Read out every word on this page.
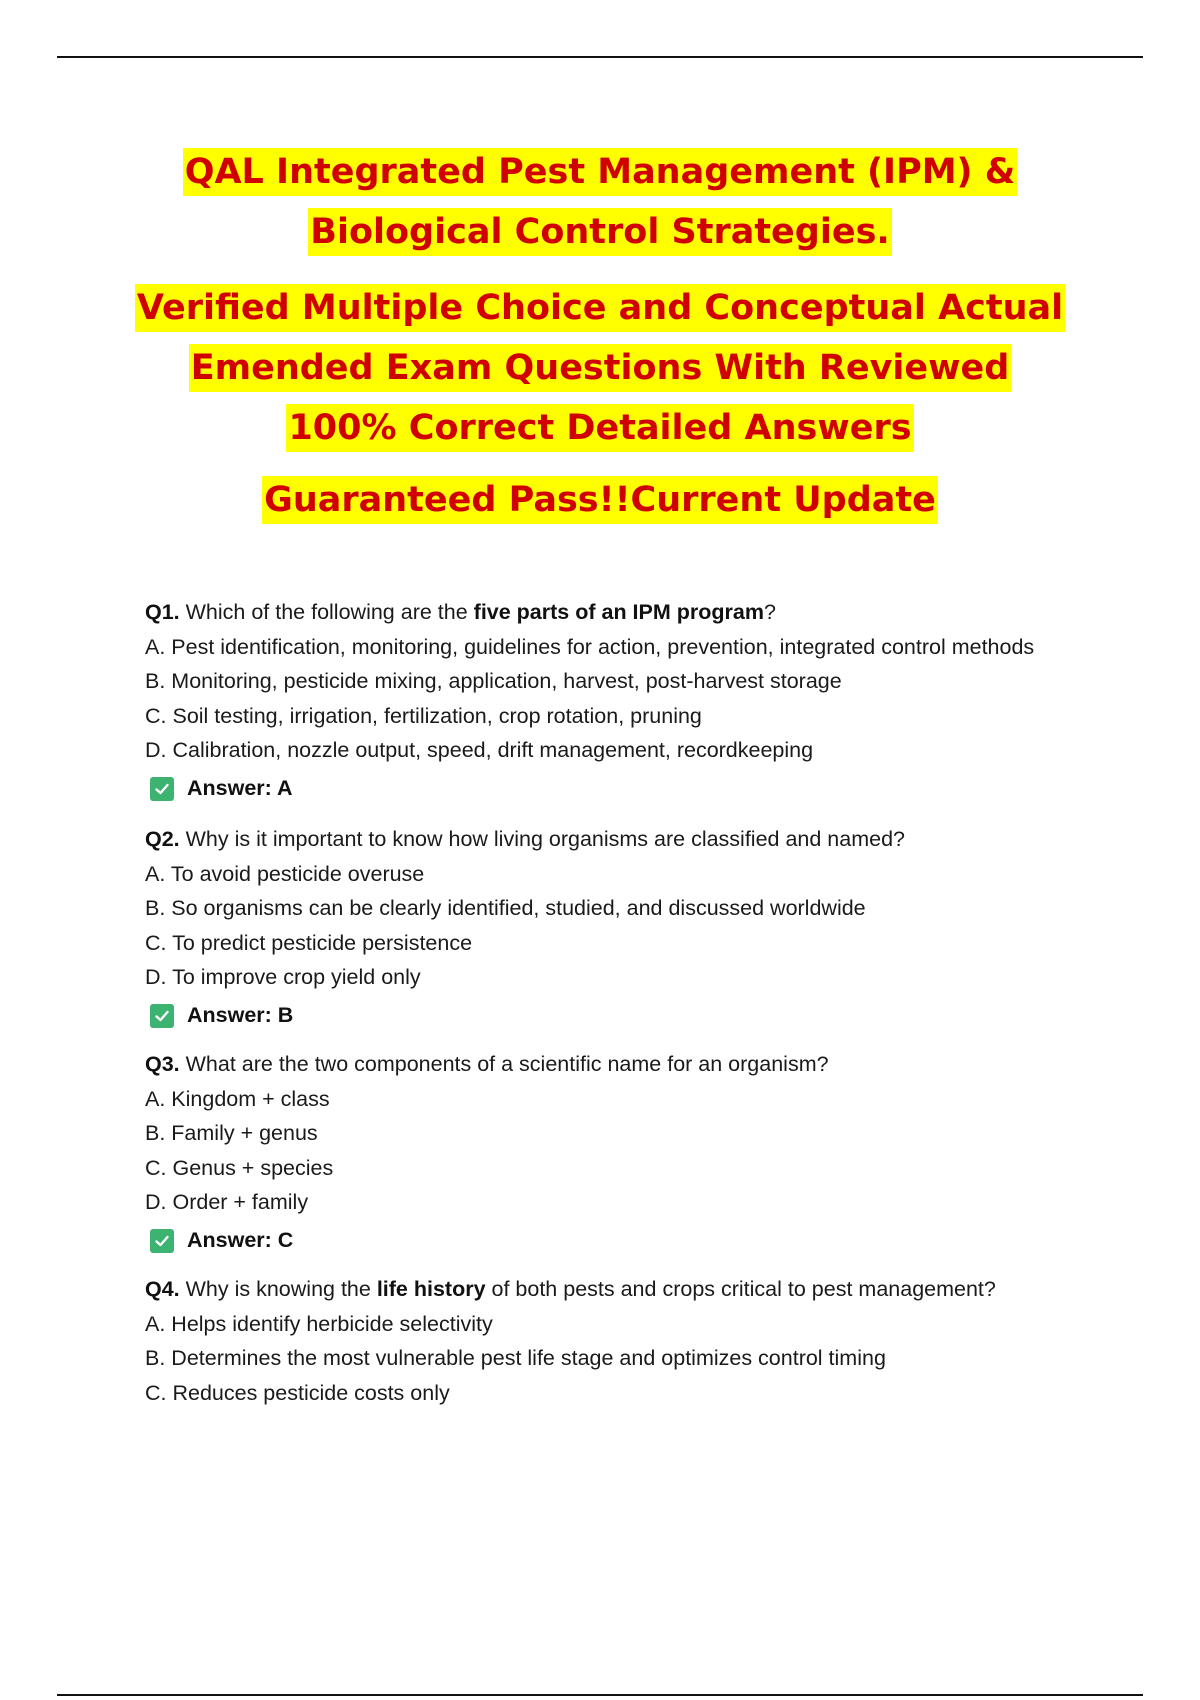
QAL Integrated Pest Management (IPM) &
Biological Control Strategies.
Verified Multiple Choice and Conceptual Actual
Emended Exam Questions With Reviewed
100% Correct Detailed Answers
Guaranteed Pass!!Current Update
Q1. Which of the following are the five parts of an IPM program?
A. Pest identification, monitoring, guidelines for action, prevention, integrated control methods
B. Monitoring, pesticide mixing, application, harvest, post-harvest storage
C. Soil testing, irrigation, fertilization, crop rotation, pruning
D. Calibration, nozzle output, speed, drift management, recordkeeping
Answer: A
Q2. Why is it important to know how living organisms are classified and named?
A. To avoid pesticide overuse
B. So organisms can be clearly identified, studied, and discussed worldwide
C. To predict pesticide persistence
D. To improve crop yield only
Answer: B
Q3. What are the two components of a scientific name for an organism?
A. Kingdom + class
B. Family + genus
C. Genus + species
D. Order + family
Answer: C
Q4. Why is knowing the life history of both pests and crops critical to pest management?
A. Helps identify herbicide selectivity
B. Determines the most vulnerable pest life stage and optimizes control timing
C. Reduces pesticide costs only
